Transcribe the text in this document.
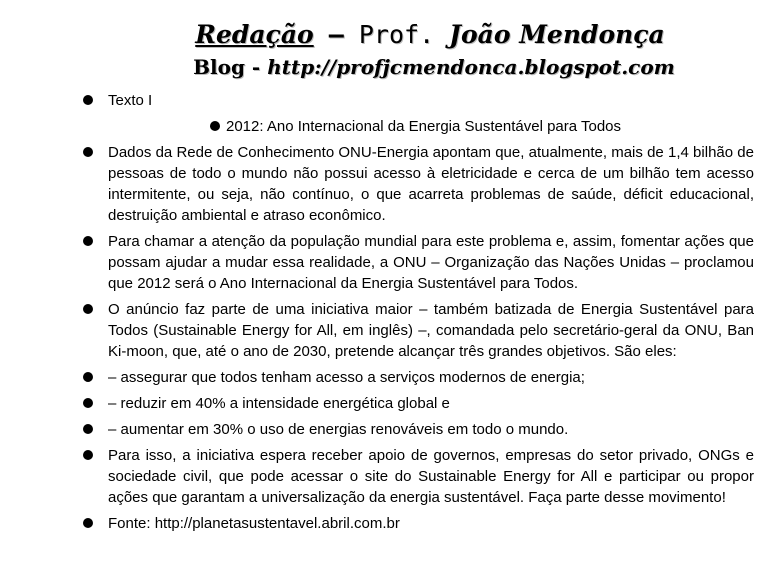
Redação – Prof. João Mendonça
Blog - http://profjcmendonca.blogspot.com
Texto I
2012: Ano Internacional da Energia Sustentável para Todos
Dados da Rede de Conhecimento ONU-Energia apontam que, atualmente, mais de 1,4 bilhão de pessoas de todo o mundo não possui acesso à eletricidade e cerca de um bilhão tem acesso intermitente, ou seja, não contínuo, o que acarreta problemas de saúde, déficit educacional, destruição ambiental e atraso econômico.
Para chamar a atenção da população mundial para este problema e, assim, fomentar ações que possam ajudar a mudar essa realidade, a ONU – Organização das Nações Unidas – proclamou que 2012 será o Ano Internacional da Energia Sustentável para Todos.
O anúncio faz parte de uma iniciativa maior – também batizada de Energia Sustentável para Todos (Sustainable Energy for All, em inglês) –, comandada pelo secretário-geral da ONU, Ban Ki-moon, que, até o ano de 2030, pretende alcançar três grandes objetivos. São eles:
– assegurar que todos tenham acesso a serviços modernos de energia;
– reduzir em 40% a intensidade energética global e
– aumentar em 30% o uso de energias renováveis em todo o mundo.
Para isso, a iniciativa espera receber apoio de governos, empresas do setor privado, ONGs e sociedade civil, que pode acessar o site do Sustainable Energy for All e participar ou propor ações que garantam a universalização da energia sustentável. Faça parte desse movimento!
Fonte: http://planetasustentavel.abril.com.br
